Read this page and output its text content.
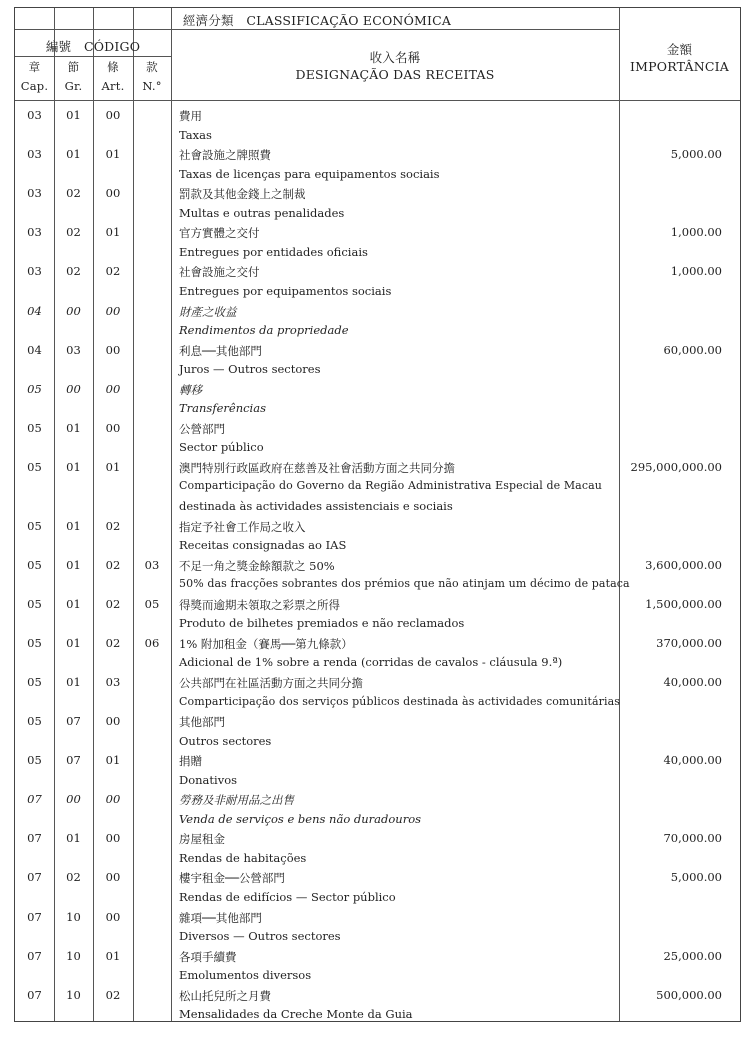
經濟分類　CLASSIFICAÇÃO ECONÓMICA
編號　CÓDIGO
章
Cap.
節
Gr.
條
Art.
款
N.°
收入名稱
DESIGNAÇÃO DAS RECEITAS
金額
IMPORTÂNCIA
03	01	00	費用
Taxas
03	01	01	社會設施之牌照費	5,000.00
Taxas de licenças para equipamentos sociais
03	02	00	罰款及其他金錢上之制裁
Multas e outras penalidades
03	02	01	官方實體之交付	1,000.00
Entregues por entidades oficiais
03	02	02	社會設施之交付	1,000.00
Entregues por equipamentos sociais
04	00	00	財產之收益
Rendimentos da propriedade
04	03	00	利息──其他部門	60,000.00
Juros — Outros sectores
05	00	00	轉移
Transferências
05	01	00	公營部門
Sector público
05	01	01	澳門特別行政區政府在慈善及社會活動方面之共同分擔	295,000,000.00
Comparticipação do Governo da Região Administrativa Especial de Macau
destinada às actividades assistenciais e sociais
05	01	02	指定予社會工作局之收入
Receitas consignadas ao IAS
05	01	02	03	不足一角之獎金餘額款之 50%	3,600,000.00
50% das fracções sobrantes dos prémios que não atinjam um décimo de pataca
05	01	02	05	得獎而逾期未領取之彩票之所得	1,500,000.00
Produto de bilhetes premiados e não reclamados
05	01	02	06	1% 附加租金（賽馬──第九條款）	370,000.00
Adicional de 1% sobre a renda (corridas de cavalos - cláusula 9.ª)
05	01	03	公共部門在社區活動方面之共同分擔	40,000.00
Comparticipação dos serviços públicos destinada às actividades comunitárias
05	07	00	其他部門
Outros sectores
05	07	01	捐贈	40,000.00
Donativos
07	00	00	勞務及非耐用品之出售
Venda de serviços e bens não duradouros
07	01	00	房屋租金	70,000.00
Rendas de habitações
07	02	00	樓宇租金──公營部門	5,000.00
Rendas de edifícios — Sector público
07	10	00	雜項──其他部門
Diversos — Outros sectores
07	10	01	各項手續費	25,000.00
Emolumentos diversos
07	10	02	松山托兒所之月費	500,000.00
Mensalidades da Creche Monte da Guia
